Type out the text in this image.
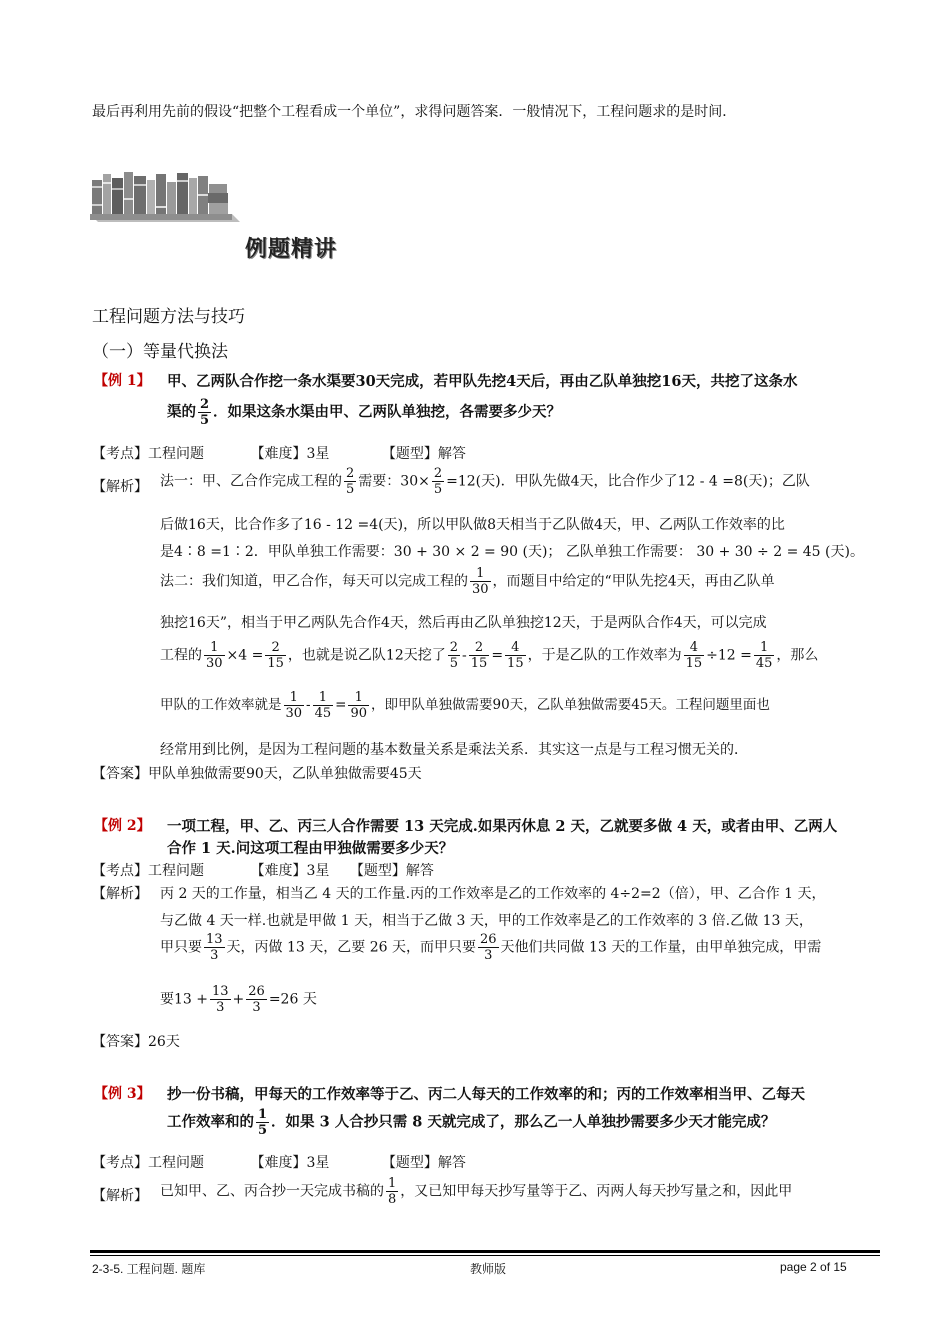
最后再利用先前的假设“把整个工程看成一个单位”，求得问题答案．一般情况下，工程问题求的是时间．
例题精讲
工程问题方法与技巧
（一）等量代换法
【例 1】 甲、乙两队合作挖一条水渠要30天完成，若甲队先挖4天后，再由乙队单独挖16天，共挖了这条水
渠的 $\frac{2}{5}$ ．如果这条水渠由甲、乙两队单独挖，各需要多少天？
【考点】工程问题	【难度】3星	【题型】解答
【解析】 法一：甲、乙合作完成工程的 $\frac{2}{5}$ 需要：$30\times \frac{2}{5} =12$(天)．甲队先做4天，比合作少了12 - 4 =8(天)；乙队
后做16天，比合作多了16 - 12 =4(天)，所以甲队做8天相当于乙队做4天，甲、乙两队工作效率的比
是4∶8 =1∶2．甲队单独工作需要：30 + 30 × 2 = 90 (天)； 乙队单独工作需要： 30 + 30 ÷ 2 = 45 (天)。
法二：我们知道，甲乙合作，每天可以完成工程的 $\frac{1}{30}$ ，而题目中给定的“甲队先挖4天，再由乙队单
独挖16天”，相当于甲乙两队先合作4天，然后再由乙队单独挖12天，于是两队合作4天，可以完成
工程的 $\frac{1}{30} \times 4 = \frac{2}{15}$ ，也就是说乙队12天挖了 $\frac{2}{5} - \frac{2}{15} = \frac{4}{15}$ ，于是乙队的工作效率为 $\frac{4}{15} \div 12 = \frac{1}{45}$ ，那么
甲队的工作效率就是 $\frac{1}{30} - \frac{1}{45} = \frac{1}{90}$ ，即甲队单独做需要90天，乙队单独做需要45天。工程问题里面也
经常用到比例，是因为工程问题的基本数量关系是乘法关系．其实这一点是与工程习惯无关的．
【答案】甲队单独做需要90天，乙队单独做需要45天
【例 2】 一项工程，甲、乙、丙三人合作需要 13 天完成.如果丙休息 2 天，乙就要多做 4 天，或者由甲、乙两人
合作 1 天.问这项工程由甲独做需要多少天？
【考点】工程问题	【难度】3星 【题型】解答
【解析】 丙 2 天的工作量，相当乙 4 天的工作量.丙的工作效率是乙的工作效率的 4÷2=2（倍），甲、乙合作 1 天，
与乙做 4 天一样.也就是甲做 1 天，相当于乙做 3 天，甲的工作效率是乙的工作效率的 3 倍.乙做 13 天，
甲只要 $\frac{13}{3}$ 天，丙做 13 天，乙要 26 天，而甲只要 $\frac{26}{3}$ 天他们共同做 13 天的工作量，由甲单独完成，甲需
要$13 + \frac{13}{3} + \frac{26}{3} =26$ 天
【答案】26天
【例 3】 抄一份书稿，甲每天的工作效率等于乙、丙二人每天的工作效率的和；丙的工作效率相当甲、乙每天
工作效率和的 $\frac{1}{5}$ ．如果 3 人合抄只需 8 天就完成了，那么乙一人单独抄需要多少天才能完成？
【考点】工程问题	【难度】3星	【题型】解答
【解析】 已知甲、乙、丙合抄一天完成书稿的 $\frac{1}{8}$ ，又已知甲每天抄写量等于乙、丙两人每天抄写量之和，因此甲
2-3-5. 工程问题. 题库	教师版	page 2 of 15
